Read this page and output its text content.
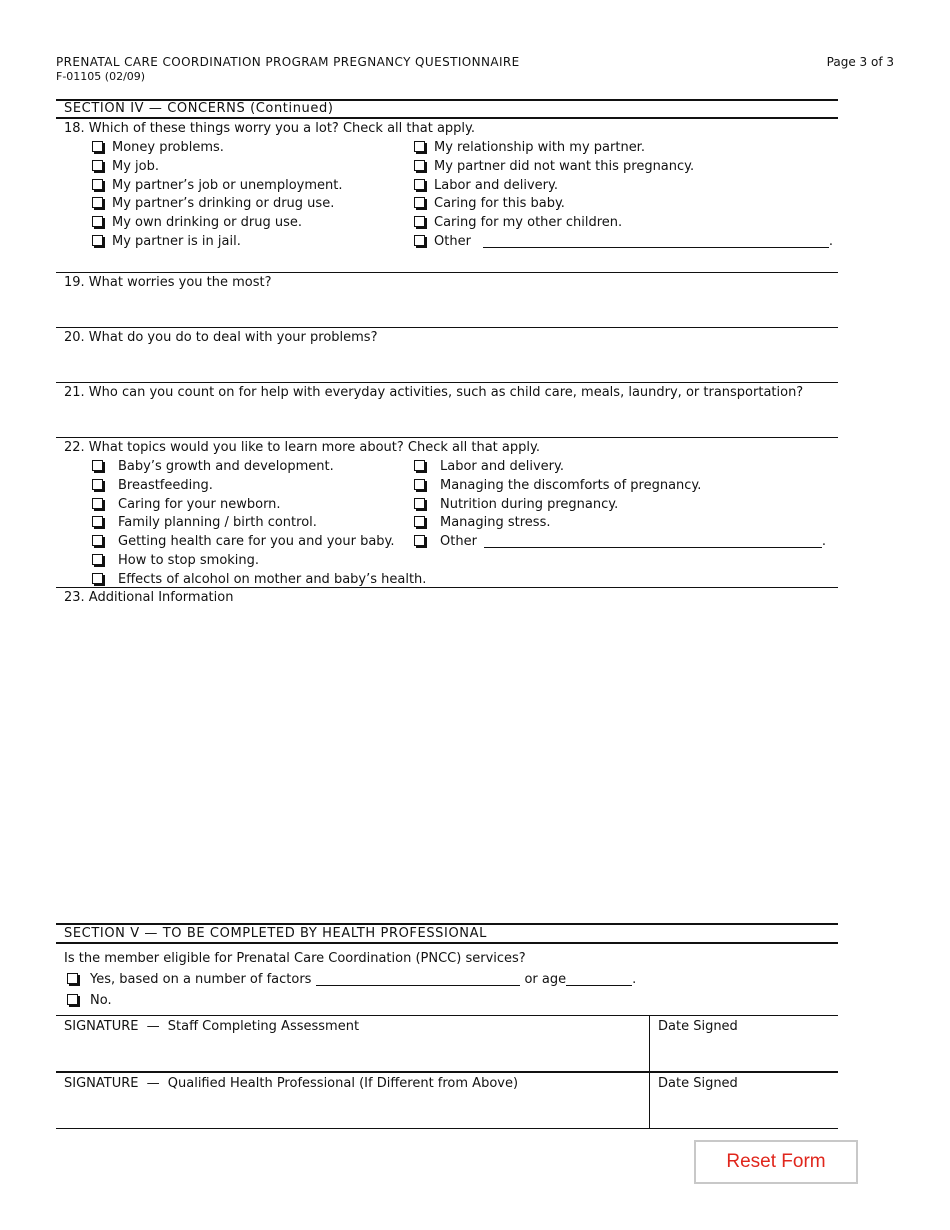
PRENATAL CARE COORDINATION PROGRAM PREGNANCY QUESTIONNAIRE
F-01105 (02/09)
Page 3 of 3
SECTION IV — CONCERNS (Continued)
18. Which of these things worry you a lot? Check all that apply.
Money problems.
My job.
My partner’s job or unemployment.
My partner’s drinking or drug use.
My own drinking or drug use.
My partner is in jail.
My relationship with my partner.
My partner did not want this pregnancy.
Labor and delivery.
Caring for this baby.
Caring for my other children.
Other	.
19. What worries you the most?
20. What do you do to deal with your problems?
21. Who can you count on for help with everyday activities, such as child care, meals, laundry, or transportation?
22. What topics would you like to learn more about? Check all that apply.
Baby’s growth and development.
Breastfeeding.
Caring for your newborn.
Family planning / birth control.
Getting health care for you and your baby.
How to stop smoking.
Effects of alcohol on mother and baby’s health.
Labor and delivery.
Managing the discomforts of pregnancy.
Nutrition during pregnancy.
Managing stress.
Other	.
23. Additional Information
SECTION V — TO BE COMPLETED BY HEALTH PROFESSIONAL
Is the member eligible for Prenatal Care Coordination (PNCC) services?
Yes, based on a number of factors	or age	.
No.
SIGNATURE — Staff Completing Assessment	Date Signed
SIGNATURE — Qualified Health Professional (If Different from Above)	Date Signed
Reset Form
